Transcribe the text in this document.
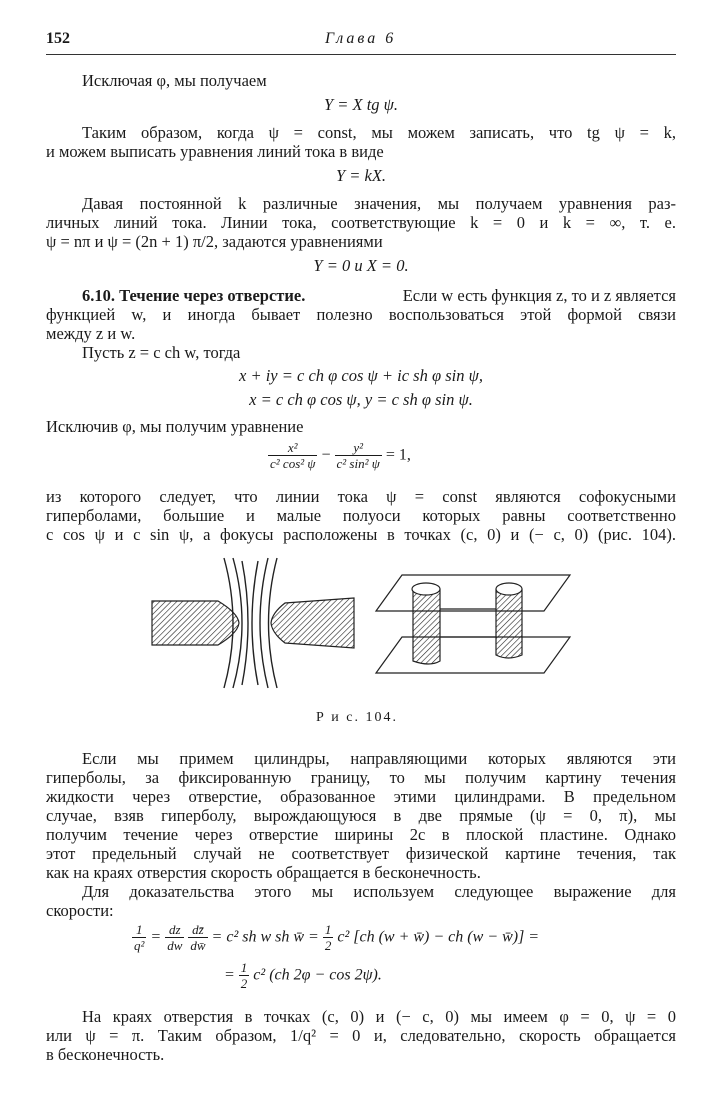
152	Глава 6
Исключая φ, мы получаем
Y = X tg ψ.
Таким образом, когда ψ = const, мы можем записать, что tg ψ = k,
и можем выписать уравнения линий тока в виде
Y = kX.
Давая постоянной k различные значения, мы получаем уравнения раз-
личных линий тока. Линии тока, соответствующие k = 0 и k = ∞, т. е.
ψ = nπ и ψ = (2n + 1) π/2, задаются уравнениями
Y = 0 и X = 0.
6.10. Течение через отверстие.	Если w есть функция z, то и z является
функцией w, и иногда бывает полезно воспользоваться этой формой связи
между z и w.
Пусть z = c ch w, тогда
x + iy = c ch φ cos ψ + ic sh φ sin ψ,
x = c ch φ cos ψ, y = c sh φ sin ψ.
Исключив φ, мы получим уравнение
$\frac{\text{x²}}{\text{c² cos² ψ}} - \frac{\text{y²}}{\text{c² sin² ψ}} = 1$,
из которого следует, что линии тока ψ = const являются софокусными
гиперболами, большие и малые полуоси которых равны соответственно
c cos ψ и c sin ψ, а фокусы расположены в точках (c, 0) и (− c, 0) (рис. 104).
Р и с. 104.
Если мы примем цилиндры, направляющими которых являются эти
гиперболы, за фиксированную границу, то мы получим картину течения
жидкости через отверстие, образованное этими цилиндрами. В предельном
случае, взяв гиперболу, вырождающуюся в две прямые (ψ = 0, π), мы
получим течение через отверстие ширины 2c в плоской пластине. Однако
этот предельный случай не соответствует физической картине течения, так
как на краях отверстия скорость обращается в бесконечность.
Для доказательства этого мы используем следующее выражение для
скорости:
$\frac{1}{\text{q²}} = \frac{dz}{dw}$
$\frac{dz̄}{dw̄} = c^2$ sh w sh w̄ = $\frac{1}{2} c^2$ [ch (w + w̄) − ch (w − w̄)] =
= $\frac{1}{2} c^2$ (ch 2φ − cos 2ψ).
На краях отверстия в точках (c, 0) и (− c, 0) мы имеем φ = 0, ψ = 0
или ψ = π. Таким образом, 1/q² = 0 и, следовательно, скорость обращается
в бесконечность.
